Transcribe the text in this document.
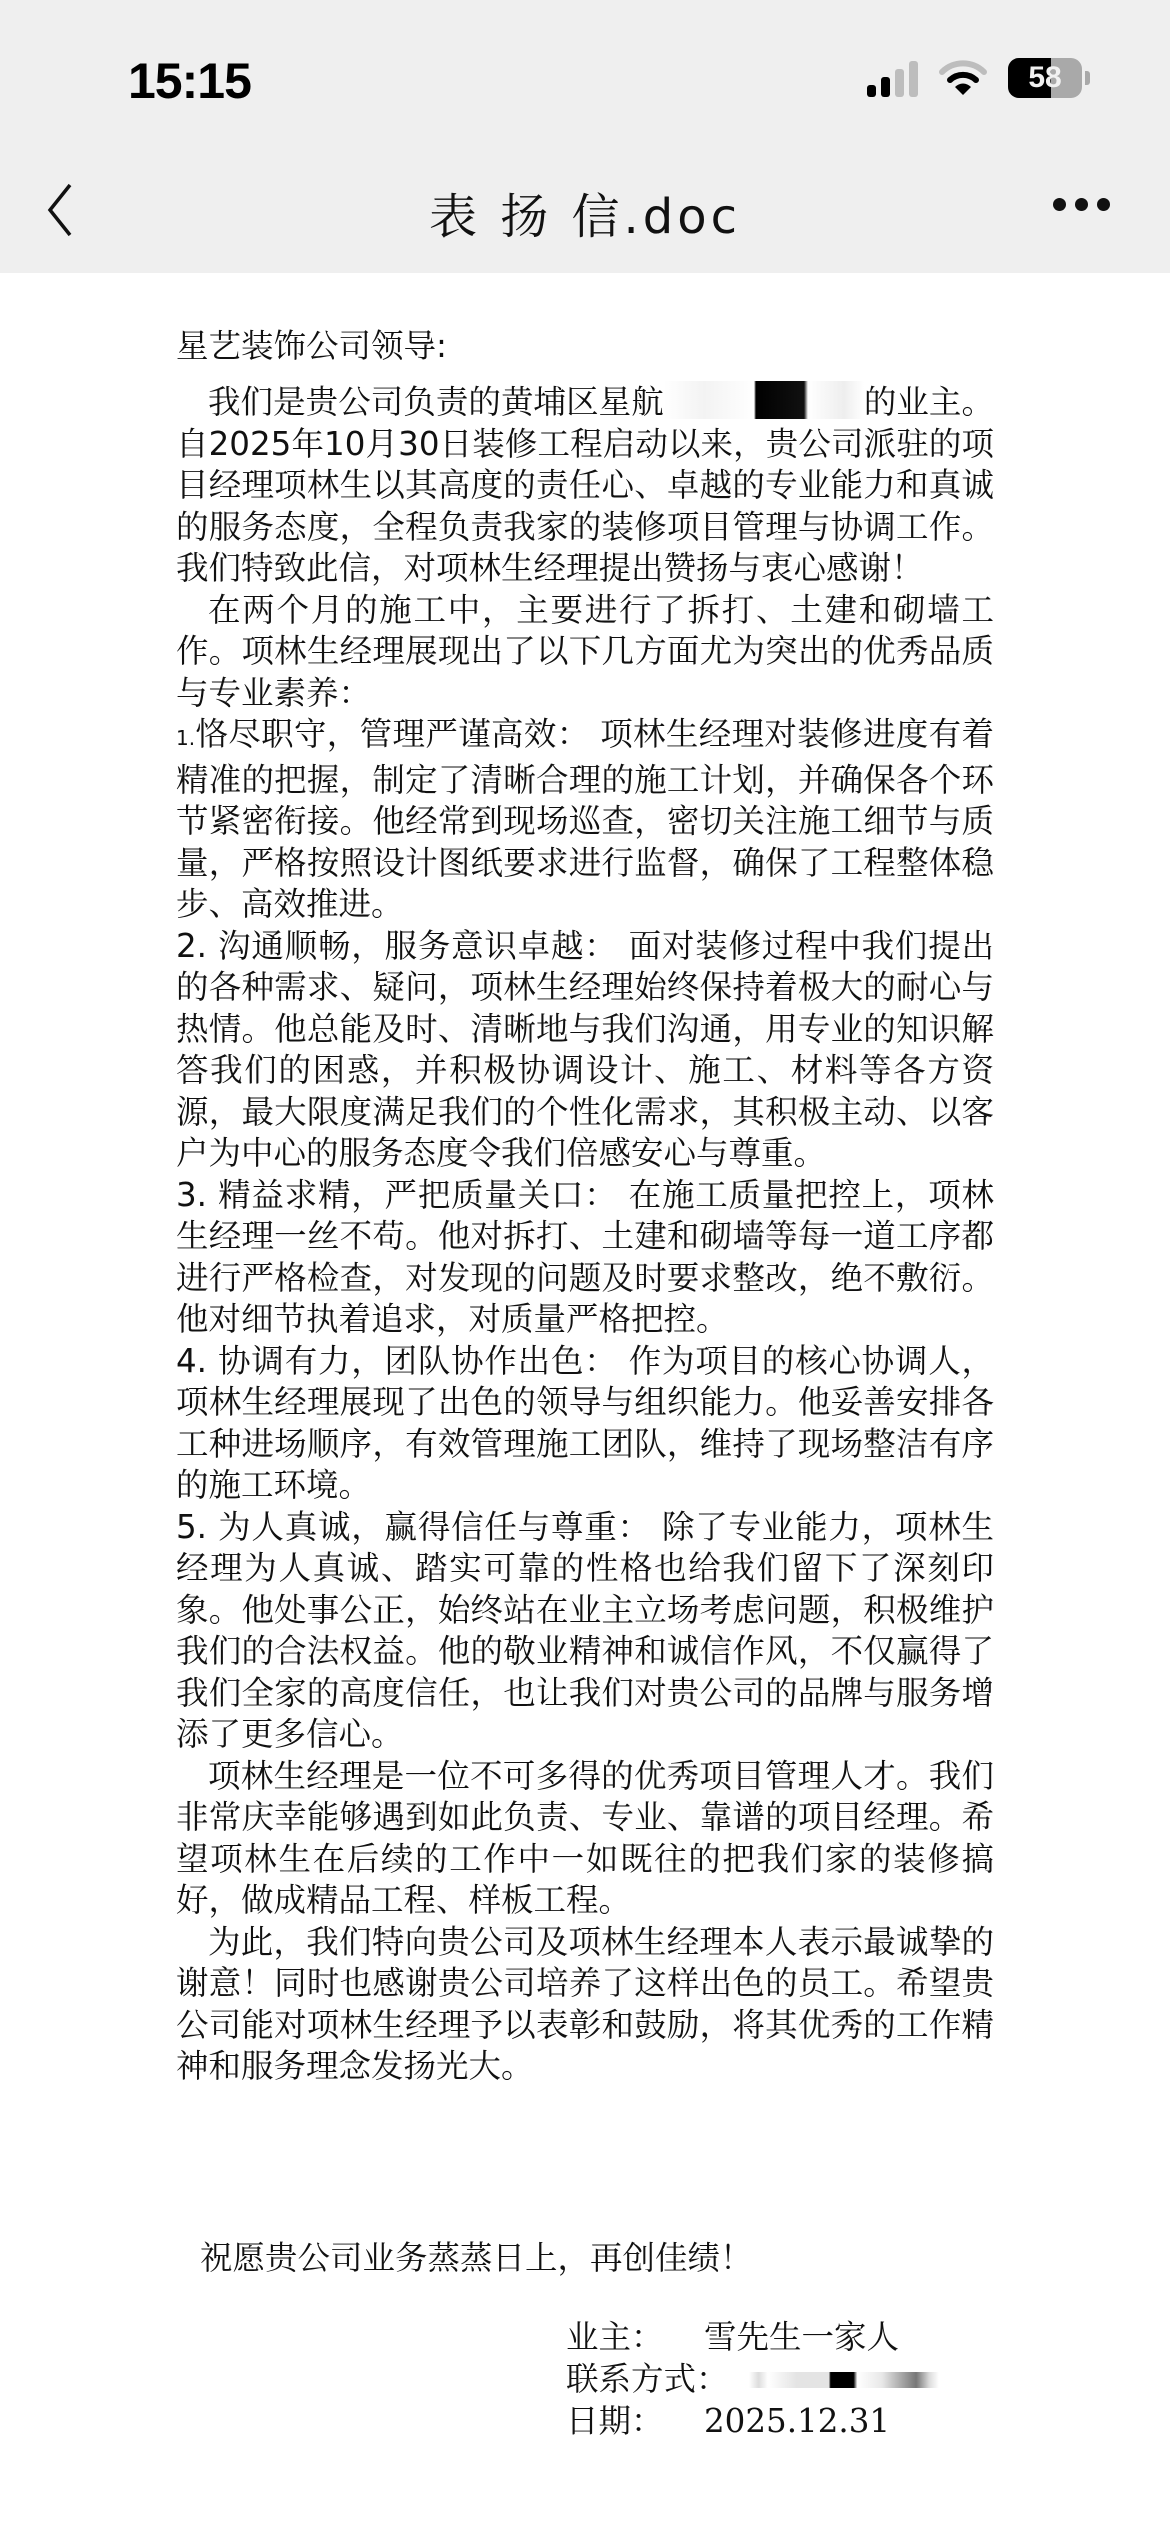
15:15	58
表 扬 信.doc
星艺装饰公司领导:

我们是贵公司负责的黄埔区星航	的业主。自2025年10月30日装修工程启动以来，贵公司派驻的项目经理项林生以其高度的责任心、卓越的专业能力和真诚的服务态度，全程负责我家的装修项目管理与协调工作。我们特致此信，对项林生经理提出赞扬与衷心感谢！

在两个月的施工中，主要进行了拆打、土建和砌墙工作。项林生经理展现出了以下几方面尤为突出的优秀品质与专业素养：

1.恪尽职守，管理严谨高效： 项林生经理对装修进度有着精准的把握，制定了清晰合理的施工计划，并确保各个环节紧密衔接。他经常到现场巡查，密切关注施工细节与质量，严格按照设计图纸要求进行监督，确保了工程整体稳步、高效推进。

2. 沟通顺畅，服务意识卓越： 面对装修过程中我们提出的各种需求、疑问，项林生经理始终保持着极大的耐心与热情。他总能及时、清晰地与我们沟通，用专业的知识解答我们的困惑，并积极协调设计、施工、材料等各方资源，最大限度满足我们的个性化需求，其积极主动、以客户为中心的服务态度令我们倍感安心与尊重。

3. 精益求精，严把质量关口： 在施工质量把控上，项林生经理一丝不苟。他对拆打、土建和砌墙等每一道工序都进行严格检查，对发现的问题及时要求整改，绝不敷衍。他对细节执着追求，对质量严格把控。

4. 协调有力，团队协作出色： 作为项目的核心协调人，项林生经理展现了出色的领导与组织能力。他妥善安排各工种进场顺序，有效管理施工团队，维持了现场整洁有序的施工环境。

5. 为人真诚，赢得信任与尊重： 除了专业能力，项林生经理为人真诚、踏实可靠的性格也给我们留下了深刻印象。他处事公正，始终站在业主立场考虑问题，积极维护我们的合法权益。他的敬业精神和诚信作风，不仅赢得了我们全家的高度信任，也让我们对贵公司的品牌与服务增添了更多信心。

项林生经理是一位不可多得的优秀项目管理人才。我们非常庆幸能够遇到如此负责、专业、靠谱的项目经理。希望项林生在后续的工作中一如既往的把我们家的装修搞好，做成精品工程、样板工程。

为此，我们特向贵公司及项林生经理本人表示最诚挚的谢意！同时也感谢贵公司培养了这样出色的员工。希望贵公司能对项林生经理予以表彰和鼓励，将其优秀的工作精神和服务理念发扬光大。

祝愿贵公司业务蒸蒸日上，再创佳绩！
业主：	雪先生一家人
联系方式：
日期：	2025.12.31
